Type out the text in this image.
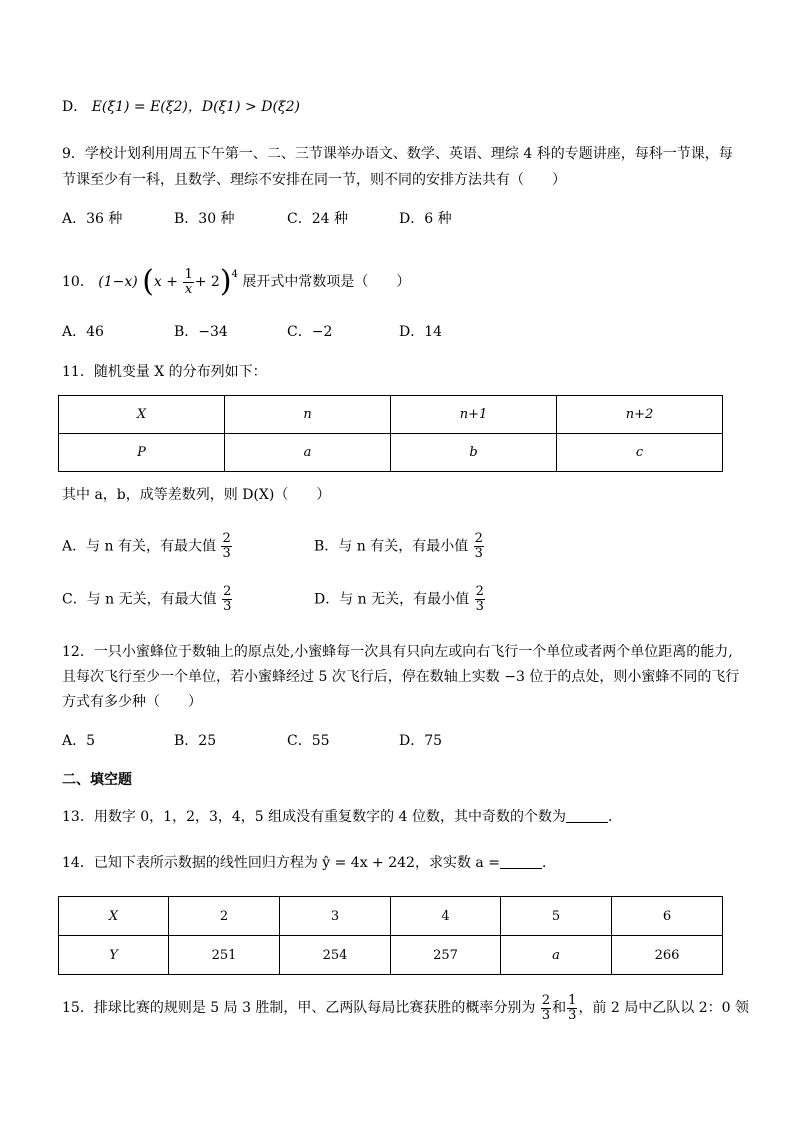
D． E(ξ1) = E(ξ2)，D(ξ1) > D(ξ2)
9．学校计划利用周五下午第一、二、三节课举办语文、数学、英语、理综 4 科的专题讲座，每科一节课，每
节课至少有一科，且数学、理综不安排在同一节，则不同的安排方法共有（　　）
A．36 种	B．30 种	C．24 种	D．6 种
10． (1−x) $(x + \frac{1}{x} + 2)^4$ 展开式中常数项是（　　）
A．46	B．−34	C．−2	D．14
11．随机变量 X 的分布列如下：
X	n	n+1	n+2
P	a	b	c
其中 a，b，成等差数列，则 D(X)（　　）
A．与 n 有关，有最大值 $\frac{2}{3}$	B．与 n 有关，有最小值 $\frac{2}{3}$
C．与 n 无关，有最大值 $\frac{2}{3}$	D．与 n 无关，有最小值 $\frac{2}{3}$
12．一只小蜜蜂位于数轴上的原点处,小蜜蜂每一次具有只向左或向右飞行一个单位或者两个单位距离的能力,
且每次飞行至少一个单位，若小蜜蜂经过 5 次飞行后，停在数轴上实数 −3 位于的点处，则小蜜蜂不同的飞行
方式有多少种（　　）
A．5	B．25	C．55	D．75
二、填空题
13．用数字 0，1，2，3，4，5 组成没有重复数字的 4 位数，其中奇数的个数为	．
14．已知下表所示数据的线性回归方程为 ŷ = 4x + 242，求实数 a =	．
X	2	3	4	5	6
Y	251	254	257	a	266
15．排球比赛的规则是 5 局 3 胜制，甲、乙两队每局比赛获胜的概率分别为 $\frac{2}{3}$ 和 $\frac{1}{3}$ ，前 2 局中乙队以 2：0 领
